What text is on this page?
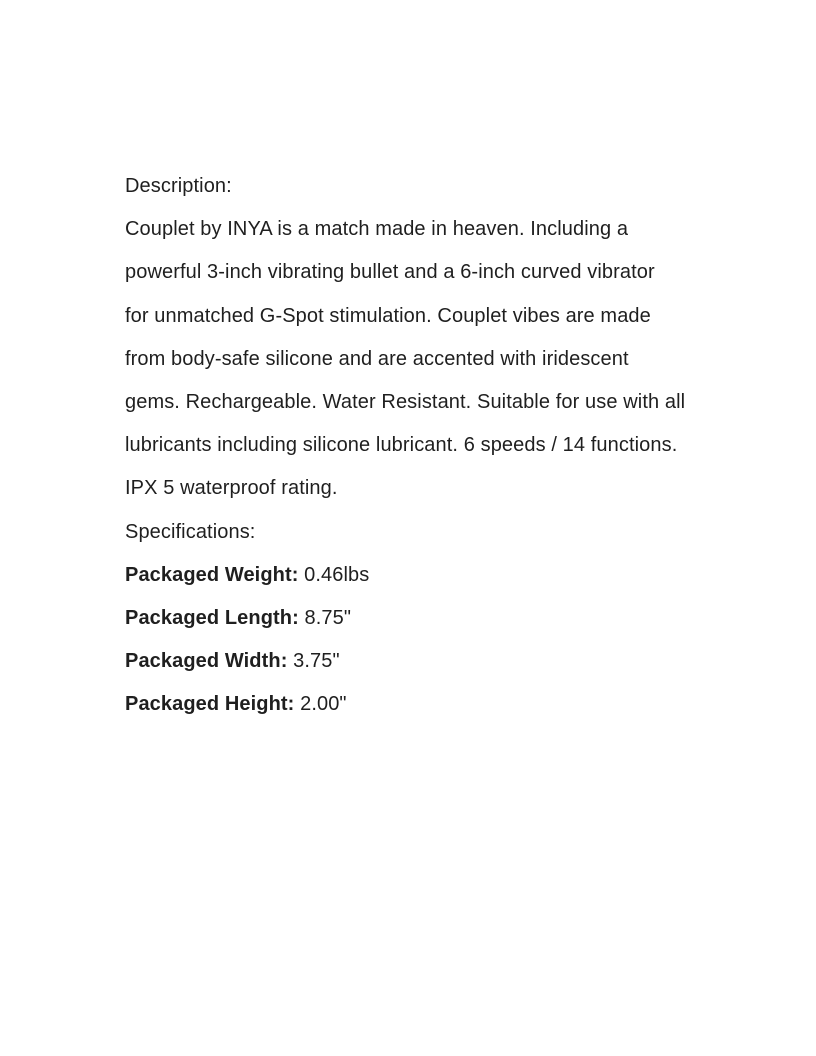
Description:
Couplet by INYA is a match made in heaven. Including a
powerful 3-inch vibrating bullet and a 6-inch curved vibrator
for unmatched G-Spot stimulation. Couplet vibes are made
from body-safe silicone and are accented with iridescent
gems. Rechargeable. Water Resistant. Suitable for use with all
lubricants including silicone lubricant. 6 speeds / 14 functions.
IPX 5 waterproof rating.
Specifications:
Packaged Weight: 0.46lbs
Packaged Length: 8.75"
Packaged Width: 3.75"
Packaged Height: 2.00"
